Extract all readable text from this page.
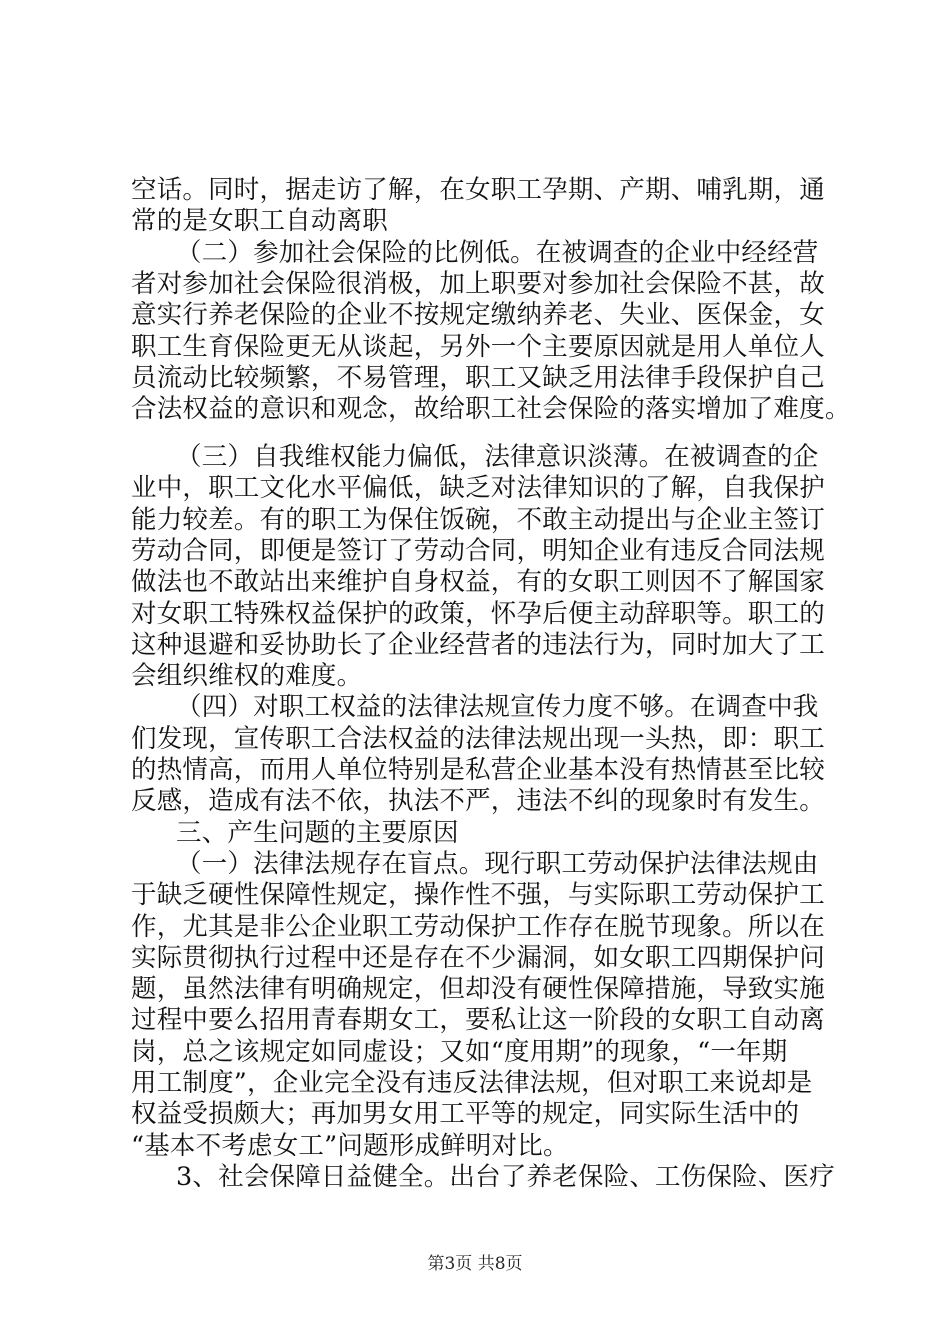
空话。同时，据走访了解，在女职工孕期、产期、哺乳期，通
常的是女职工自动离职
（二）参加社会保险的比例低。在被调查的企业中经经营
者对参加社会保险很消极，加上职要对参加社会保险不甚，故
意实行养老保险的企业不按规定缴纳养老、失业、医保金，女
职工生育保险更无从谈起，另外一个主要原因就是用人单位人
员流动比较频繁，不易管理，职工又缺乏用法律手段保护自己
合法权益的意识和观念，故给职工社会保险的落实增加了难度。
（三）自我维权能力偏低，法律意识淡薄。在被调查的企
业中，职工文化水平偏低，缺乏对法律知识的了解，自我保护
能力较差。有的职工为保住饭碗，不敢主动提出与企业主签订
劳动合同，即便是签订了劳动合同，明知企业有违反合同法规
做法也不敢站出来维护自身权益，有的女职工则因不了解国家
对女职工特殊权益保护的政策，怀孕后便主动辞职等。职工的
这种退避和妥协助长了企业经营者的违法行为，同时加大了工
会组织维权的难度。
（四）对职工权益的法律法规宣传力度不够。在调查中我
们发现，宣传职工合法权益的法律法规出现一头热，即：职工
的热情高，而用人单位特别是私营企业基本没有热情甚至比较
反感，造成有法不依，执法不严，违法不纠的现象时有发生。
三、产生问题的主要原因
（一）法律法规存在盲点。现行职工劳动保护法律法规由
于缺乏硬性保障性规定，操作性不强，与实际职工劳动保护工
作，尤其是非公企业职工劳动保护工作存在脱节现象。所以在
实际贯彻执行过程中还是存在不少漏洞，如女职工四期保护问
题，虽然法律有明确规定，但却没有硬性保障措施，导致实施
过程中要么招用青春期女工，要私让这一阶段的女职工自动离
岗，总之该规定如同虚设；又如“度用期”的现象，“一年期
用工制度”，企业完全没有违反法律法规，但对职工来说却是
权益受损颇大；再加男女用工平等的规定，同实际生活中的
“基本不考虑女工”问题形成鲜明对比。
第3页 共8页
3、社会保障日益健全。出台了养老保险、工伤保险、医疗
